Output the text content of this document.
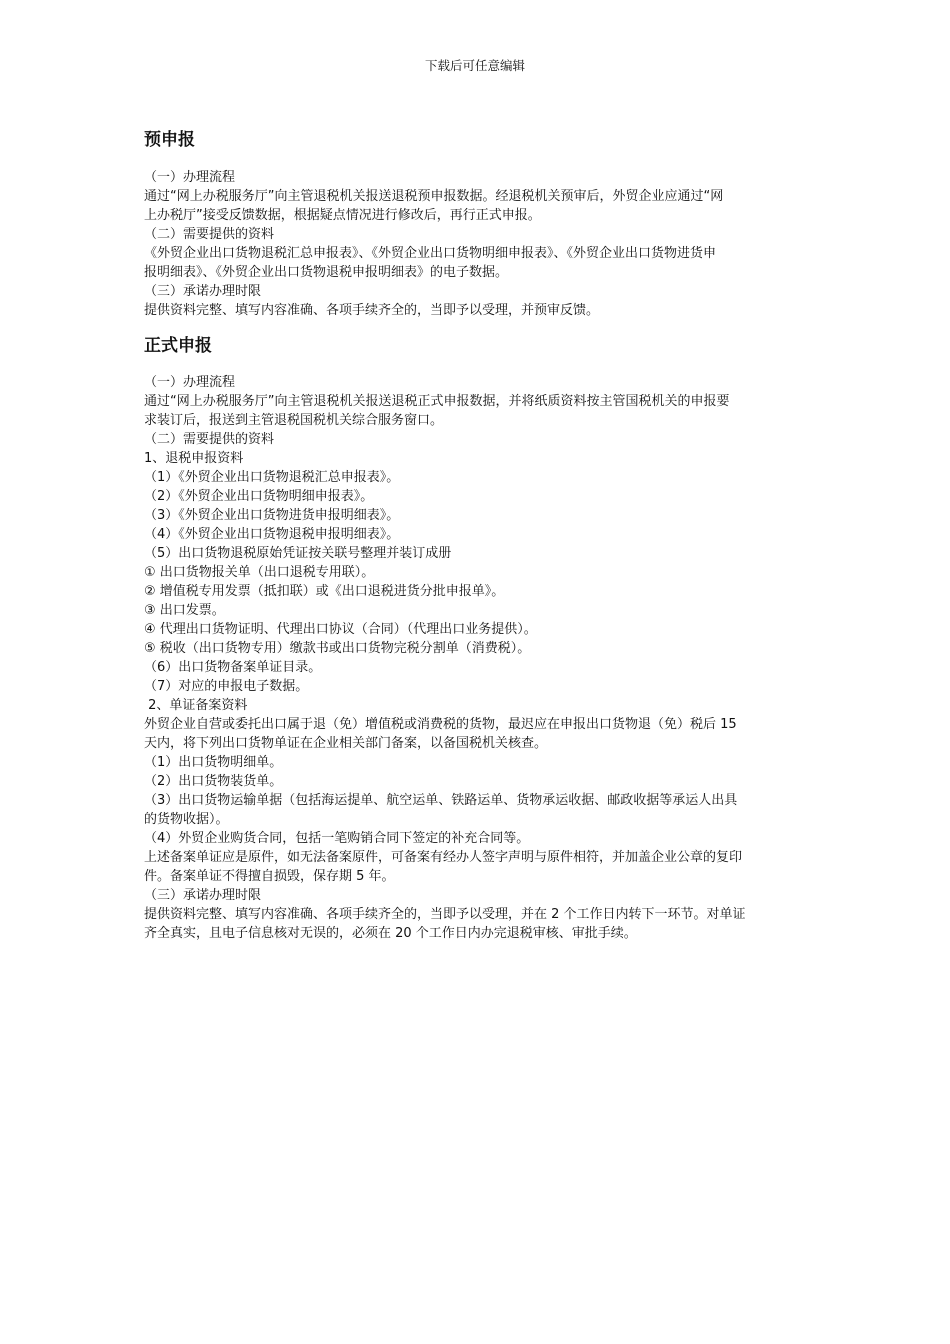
下载后可任意编辑
预申报
（一）办理流程
通过“网上办税服务厅”向主管退税机关报送退税预申报数据。经退税机关预审后，外贸企业应通过“网
上办税厅”接受反馈数据，根据疑点情况进行修改后，再行正式申报。
（二）需要提供的资料
《外贸企业出口货物退税汇总申报表》、《外贸企业出口货物明细申报表》、《外贸企业出口货物进货申
报明细表》、《外贸企业出口货物退税申报明细表》的电子数据。
（三）承诺办理时限
提供资料完整、填写内容准确、各项手续齐全的，当即予以受理，并预审反馈。
正式申报
（一）办理流程
通过“网上办税服务厅”向主管退税机关报送退税正式申报数据，并将纸质资料按主管国税机关的申报要
求装订后，报送到主管退税国税机关综合服务窗口。
（二）需要提供的资料
1、退税申报资料
（1）《外贸企业出口货物退税汇总申报表》。
（2）《外贸企业出口货物明细申报表》。
（3）《外贸企业出口货物进货申报明细表》。
（4）《外贸企业出口货物退税申报明细表》。
（5）出口货物退税原始凭证按关联号整理并装订成册
① 出口货物报关单（出口退税专用联）。
② 增值税专用发票（抵扣联）或《出口退税进货分批申报单》。
③ 出口发票。
④ 代理出口货物证明、代理出口协议（合同）（代理出口业务提供）。
⑤ 税收（出口货物专用）缴款书或出口货物完税分割单（消费税）。
（6）出口货物备案单证目录。
（7）对应的申报电子数据。
2、单证备案资料
外贸企业自营或委托出口属于退（免）增值税或消费税的货物，最迟应在申报出口货物退（免）税后 15
天内，将下列出口货物单证在企业相关部门备案，以备国税机关核查。
（1）出口货物明细单。
（2）出口货物装货单。
（3）出口货物运输单据（包括海运提单、航空运单、铁路运单、货物承运收据、邮政收据等承运人出具
的货物收据）。
（4）外贸企业购货合同，包括一笔购销合同下签定的补充合同等。
上述备案单证应是原件，如无法备案原件，可备案有经办人签字声明与原件相符，并加盖企业公章的复印
件。备案单证不得擅自损毁，保存期 5 年。
（三）承诺办理时限
提供资料完整、填写内容准确、各项手续齐全的，当即予以受理，并在 2 个工作日内转下一环节。对单证
齐全真实，且电子信息核对无误的，必须在 20 个工作日内办完退税审核、审批手续。
